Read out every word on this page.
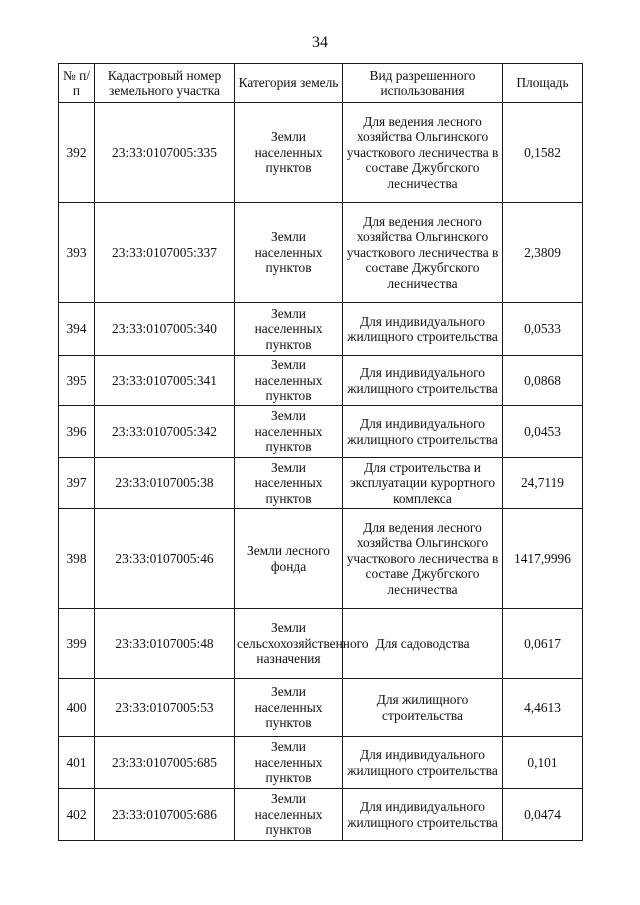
34
№ п/п	Кадастровый номер земельного участка	Категория земель	Вид разрешенного использования	Площадь
392	23:33:0107005:335	Земли населенных пунктов	Для ведения лесного хозяйства Ольгинского участкового лесничества в составе Джубгского лесничества	0,1582
393	23:33:0107005:337	Земли населенных пунктов	Для ведения лесного хозяйства Ольгинского участкового лесничества в составе Джубгского лесничества	2,3809
394	23:33:0107005:340	Земли населенных пунктов	Для индивидуального жилищного строительства	0,0533
395	23:33:0107005:341	Земли населенных пунктов	Для индивидуального жилищного строительства	0,0868
396	23:33:0107005:342	Земли населенных пунктов	Для индивидуального жилищного строительства	0,0453
397	23:33:0107005:38	Земли населенных пунктов	Для строительства и эксплуатации курортного комплекса	24,7119
398	23:33:0107005:46	Земли лесного фонда	Для ведения лесного хозяйства Ольгинского участкового лесничества в составе Джубгского лесничества	1417,9996
399	23:33:0107005:48	Земли сельсхохозяйственного назначения	Для садоводства	0,0617
400	23:33:0107005:53	Земли населенных пунктов	Для жилищного строительства	4,4613
401	23:33:0107005:685	Земли населенных пунктов	Для индивидуального жилищного строительства	0,101
402	23:33:0107005:686	Земли населенных пунктов	Для индивидуального жилищного строительства	0,0474
